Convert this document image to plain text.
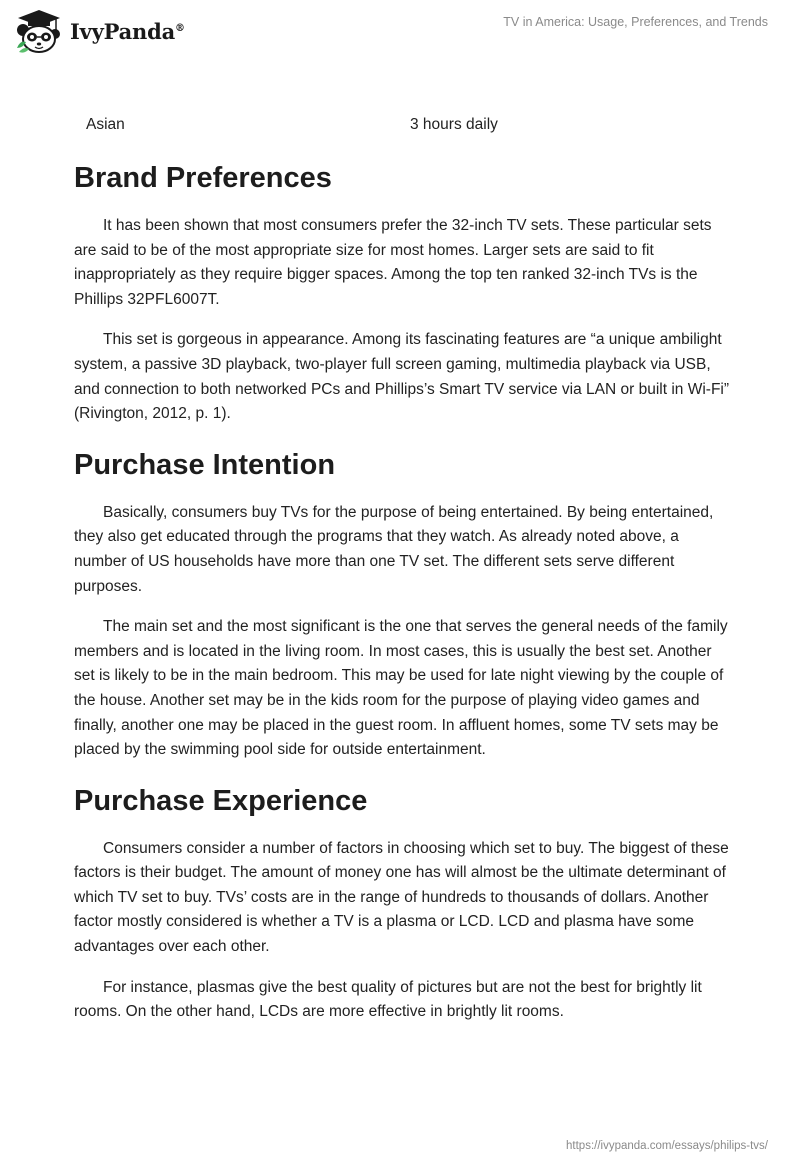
IvyPanda®	TV in America: Usage, Preferences, and Trends
Asian	3 hours daily
Brand Preferences

It has been shown that most consumers prefer the 32-inch TV sets. These particular sets are said to be of the most appropriate size for most homes. Larger sets are said to fit inappropriately as they require bigger spaces. Among the top ten ranked 32-inch TVs is the Phillips 32PFL6007T.

This set is gorgeous in appearance. Among its fascinating features are “a unique ambilight system, a passive 3D playback, two-player full screen gaming, multimedia playback via USB, and connection to both networked PCs and Phillips’s Smart TV service via LAN or built in Wi-Fi” (Rivington, 2012, p. 1).

Purchase Intention

Basically, consumers buy TVs for the purpose of being entertained. By being entertained, they also get educated through the programs that they watch. As already noted above, a number of US households have more than one TV set. The different sets serve different purposes.

The main set and the most significant is the one that serves the general needs of the family members and is located in the living room. In most cases, this is usually the best set. Another set is likely to be in the main bedroom. This may be used for late night viewing by the couple of the house. Another set may be in the kids room for the purpose of playing video games and finally, another one may be placed in the guest room. In affluent homes, some TV sets may be placed by the swimming pool side for outside entertainment.

Purchase Experience

Consumers consider a number of factors in choosing which set to buy. The biggest of these factors is their budget. The amount of money one has will almost be the ultimate determinant of which TV set to buy. TVs’ costs are in the range of hundreds to thousands of dollars. Another factor mostly considered is whether a TV is a plasma or LCD. LCD and plasma have some advantages over each other.

For instance, plasmas give the best quality of pictures but are not the best for brightly lit rooms. On the other hand, LCDs are more effective in brightly lit rooms.

https://ivypanda.com/essays/philips-tvs/
